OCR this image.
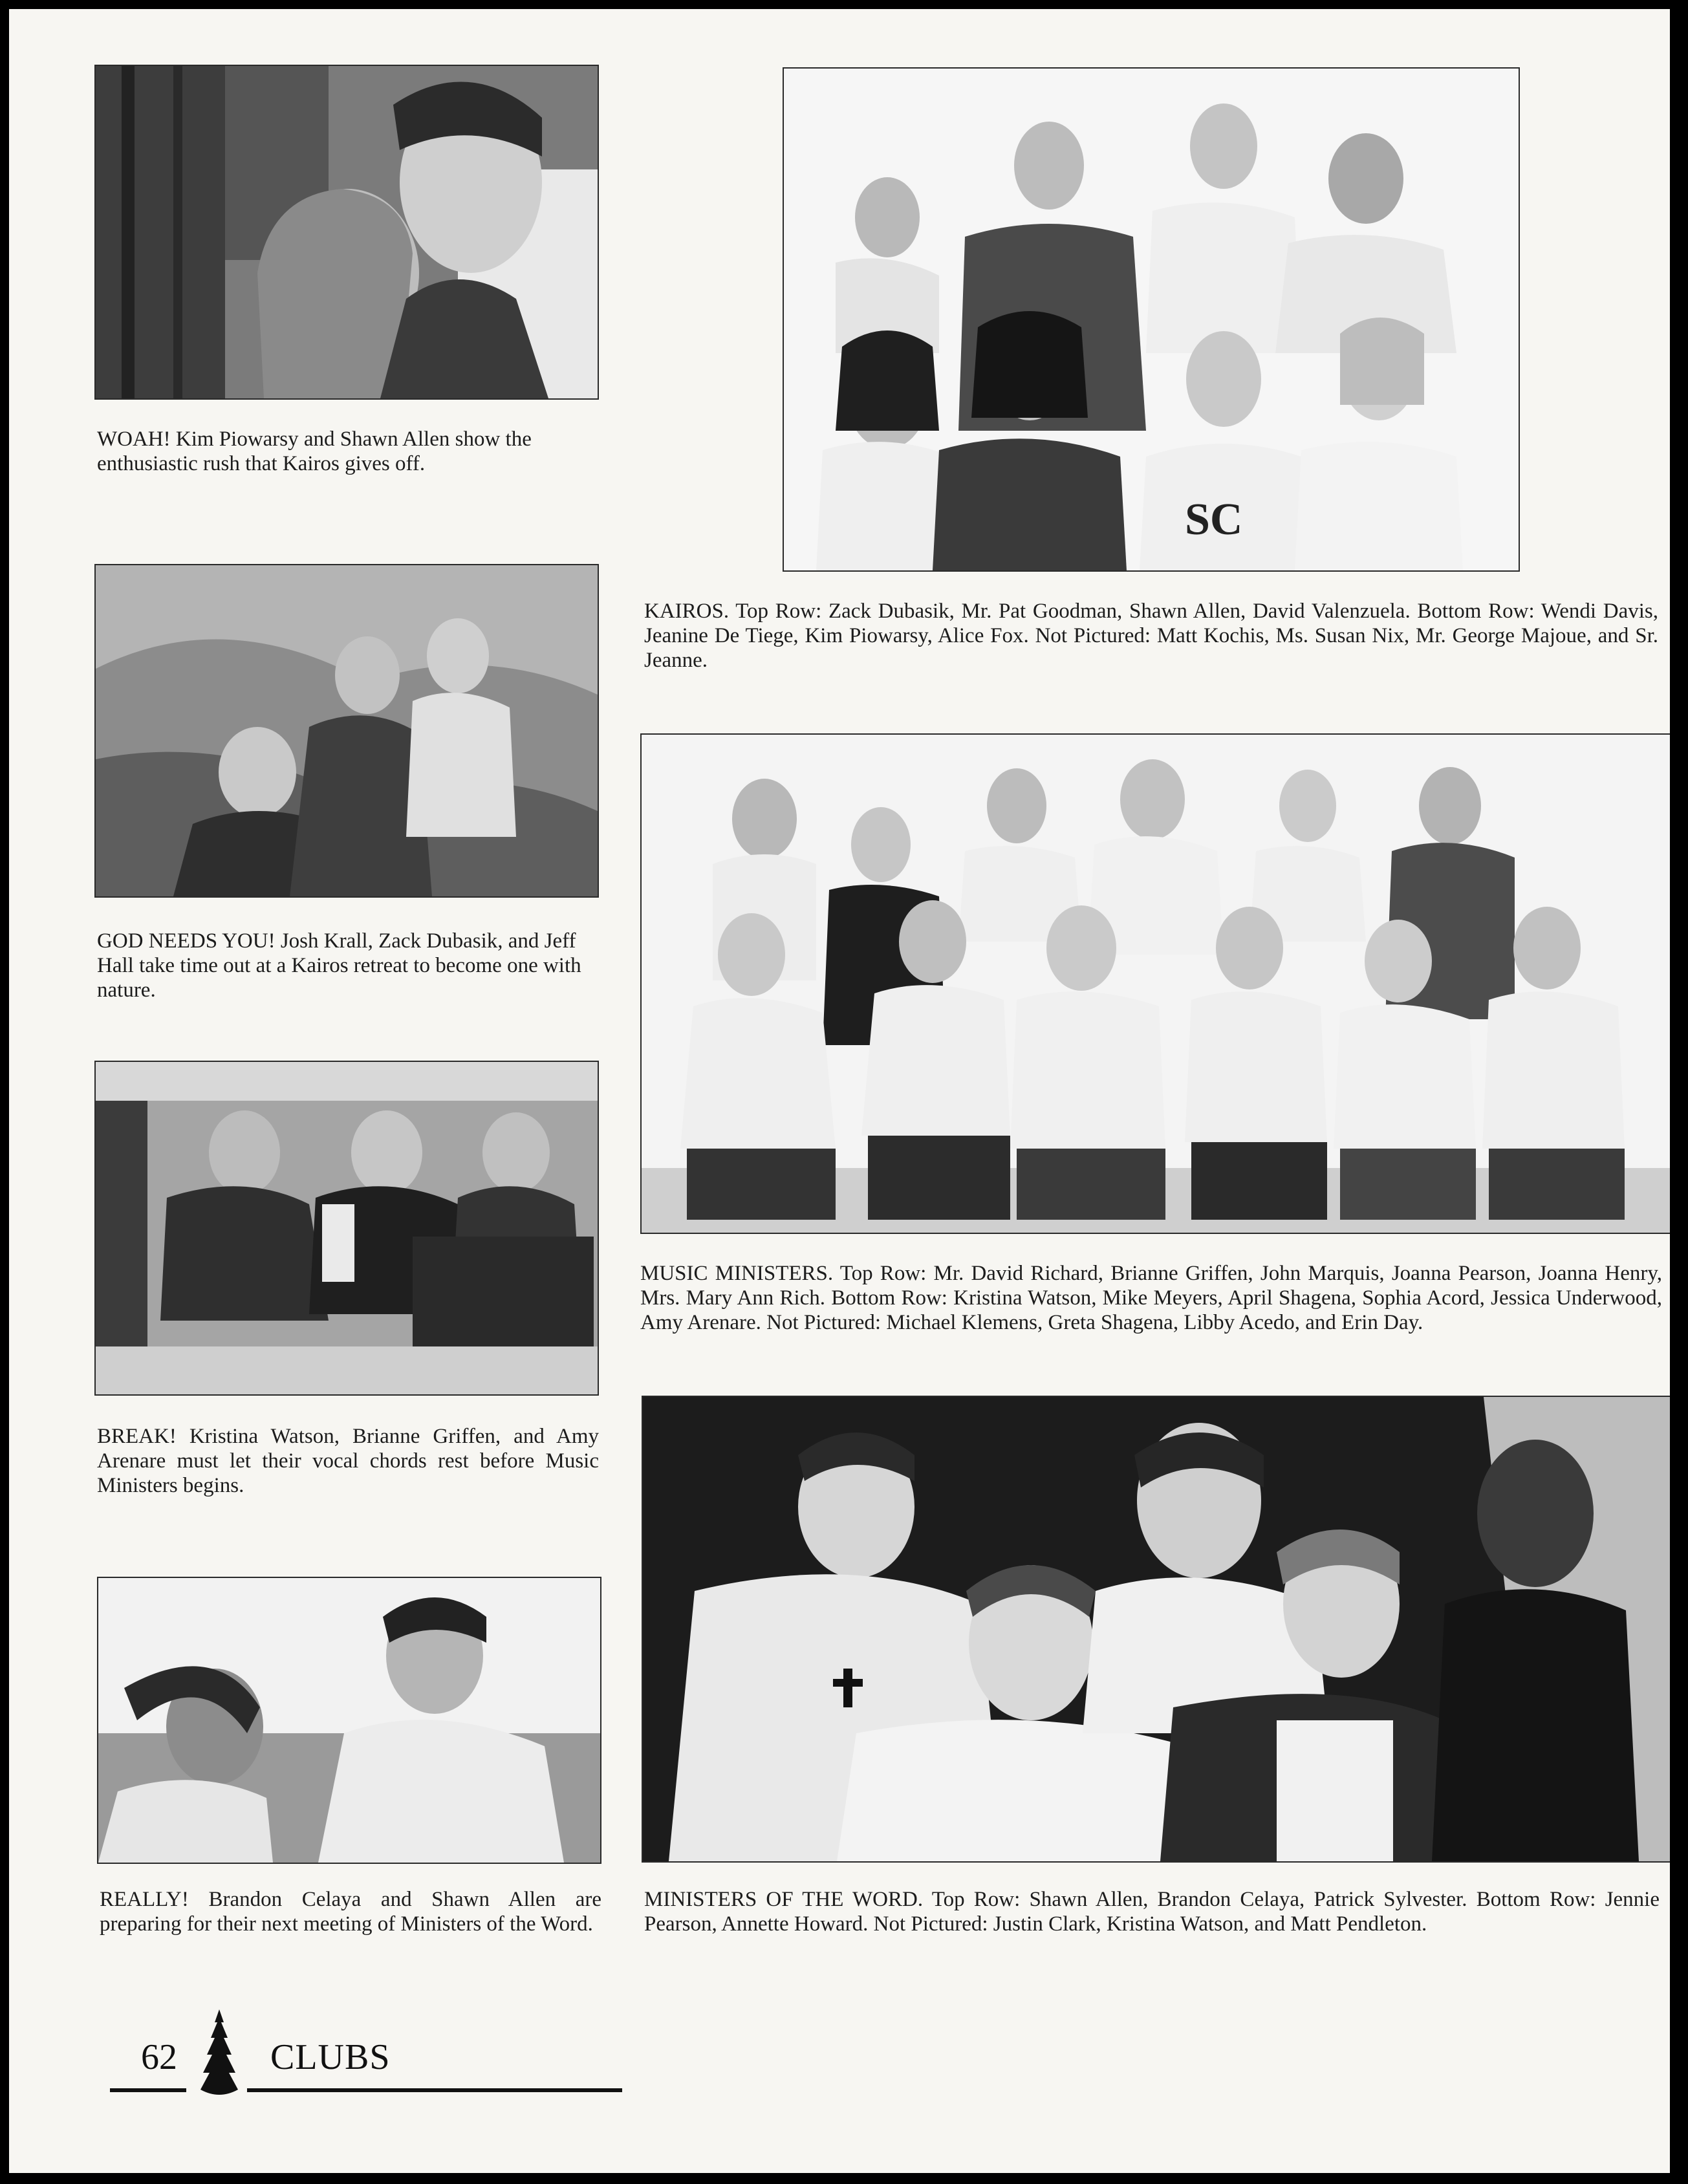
WOAH! Kim Piowarsy and Shawn Allen show the enthusiastic rush that Kairos gives off.

GOD NEEDS YOU! Josh Krall, Zack Dubasik, and Jeff Hall take time out at a Kairos retreat to become one with nature.

BREAK! Kristina Watson, Brianne Griffen, and Amy Arenare must let their vocal chords rest before Music Ministers begins.

REALLY! Brandon Celaya and Shawn Allen are preparing for their next meeting of Ministers of the Word.

SC

KAIROS. Top Row: Zack Dubasik, Mr. Pat Goodman, Shawn Allen, David Valenzuela. Bottom Row: Wendi Davis, Jeanine De Tiege, Kim Piowarsy, Alice Fox. Not Pictured: Matt Kochis, Ms. Susan Nix, Mr. George Majoue, and Sr. Jeanne.

MUSIC MINISTERS. Top Row: Mr. David Richard, Brianne Griffen, John Marquis, Joanna Pearson, Joanna Henry, Mrs. Mary Ann Rich. Bottom Row: Kristina Watson, Mike Meyers, April Shagena, Sophia Acord, Jessica Underwood, Amy Arenare. Not Pictured: Michael Klemens, Greta Shagena, Libby Acedo, and Erin Day.

MINISTERS OF THE WORD. Top Row: Shawn Allen, Brandon Celaya, Patrick Sylvester. Bottom Row: Jennie Pearson, Annette Howard. Not Pictured: Justin Clark, Kristina Watson, and Matt Pendleton.

62	CLUBS
